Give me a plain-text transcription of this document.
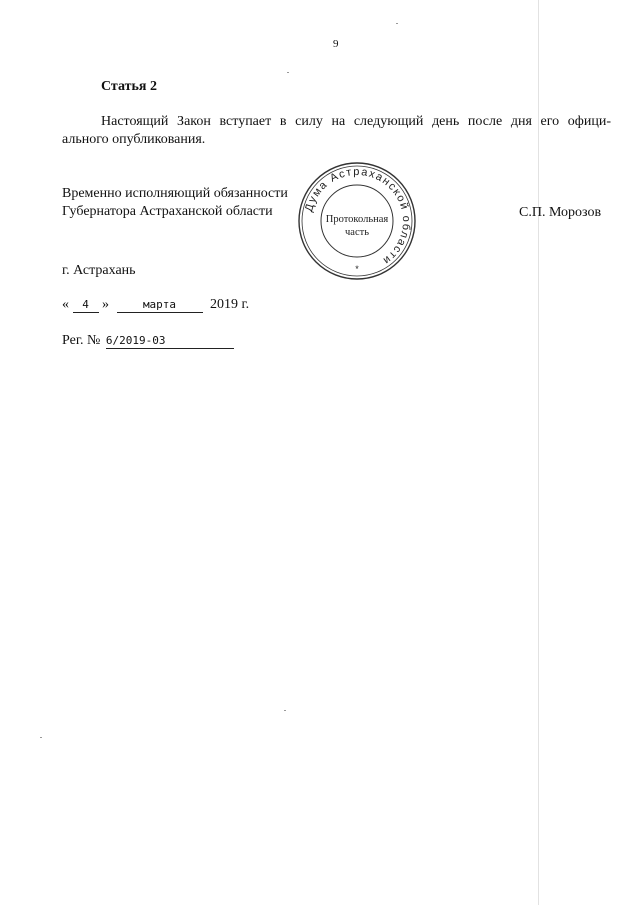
9
Статья 2
Настоящий Закон вступает в силу на следующий день после дня его офици-
ального опубликования.
Временно исполняющий обязанности
Губернатора Астраханской области	С.П. Морозов
Дума Астраханской области
Протокольная
часть
*
г. Астрахань
« 4 »	марта 2019 г.
Рег. № 6/2019-03
